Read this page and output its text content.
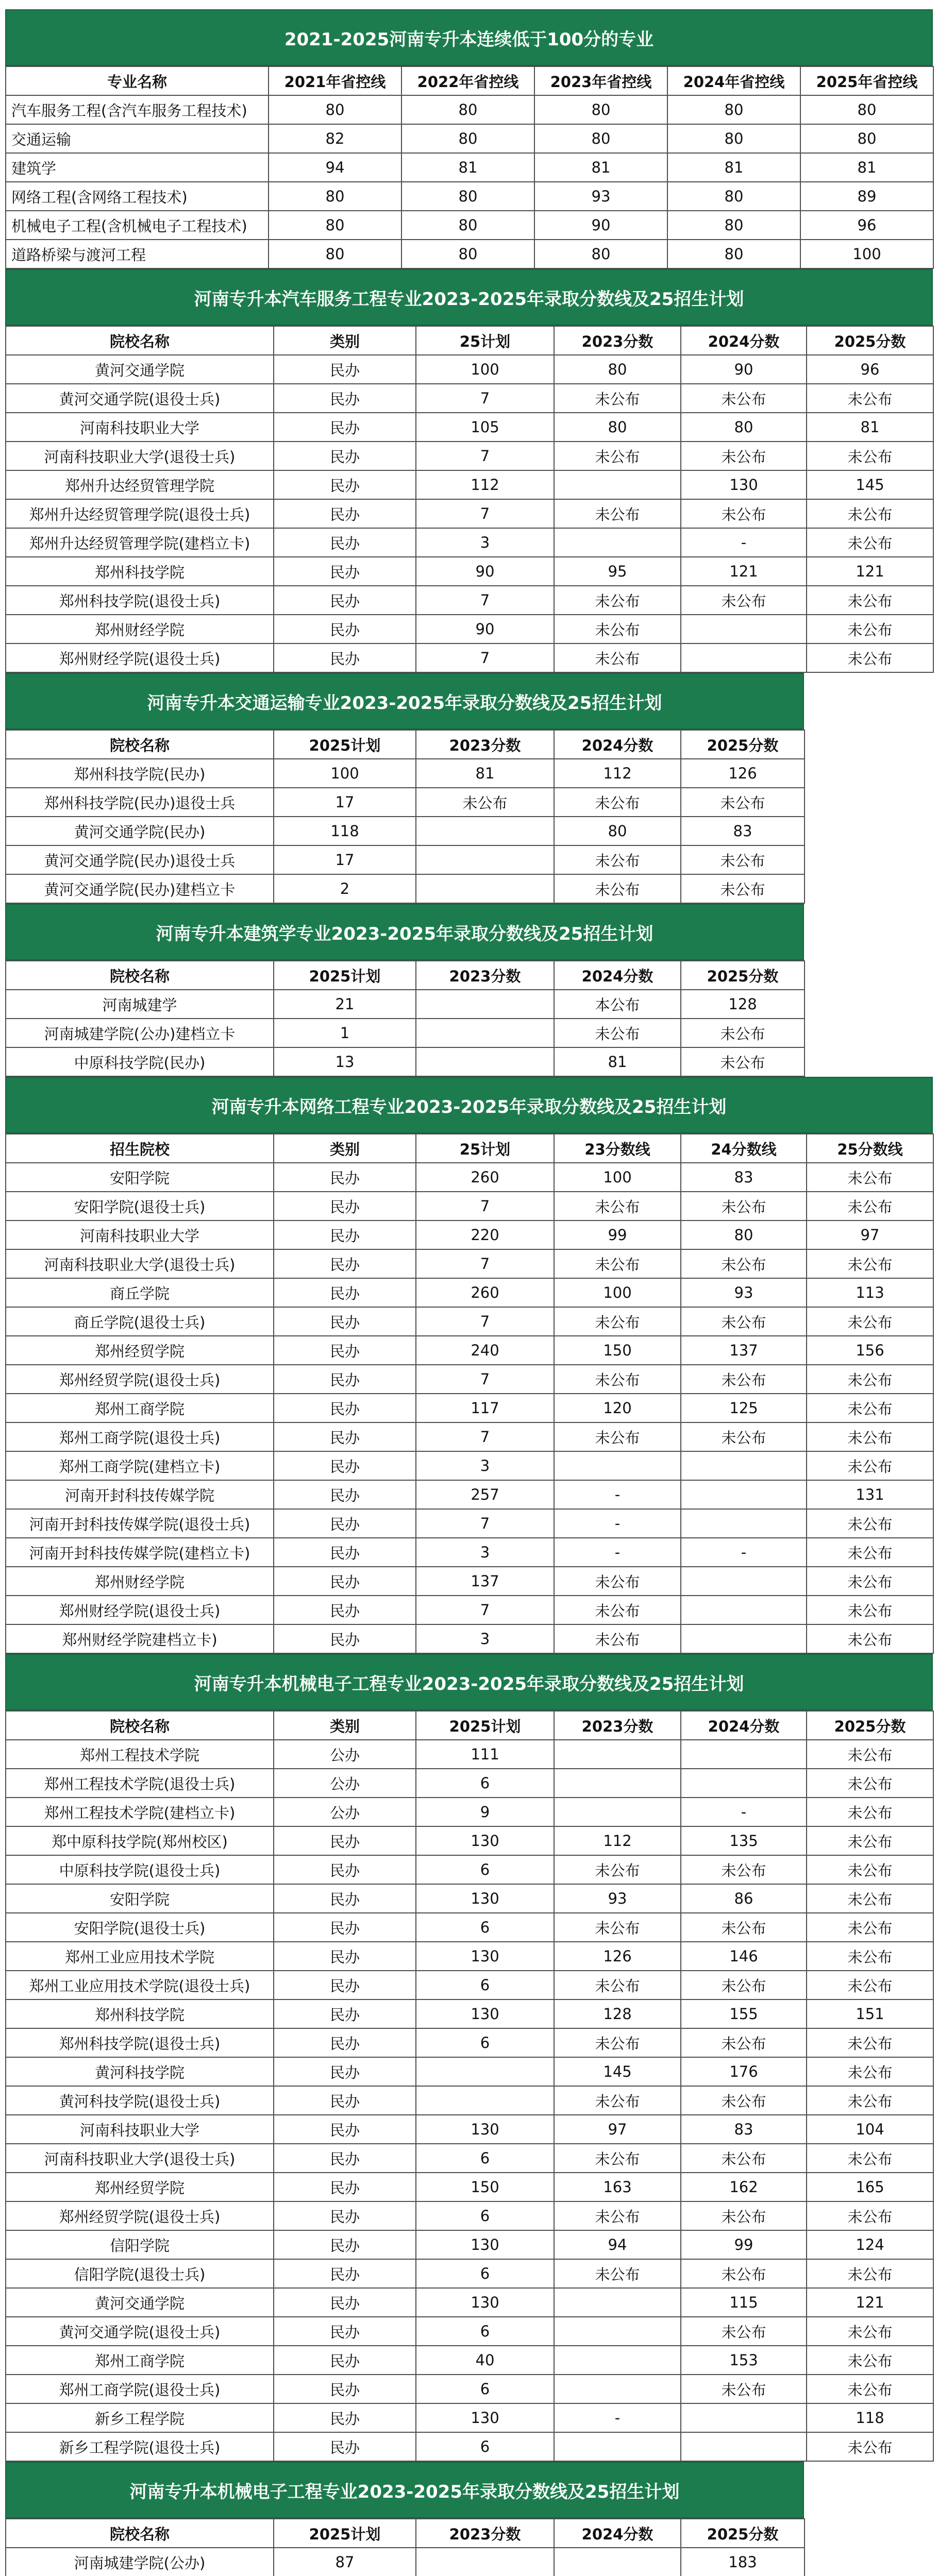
2021-2025河南专升本连续低于100分的专业
专业名称	2021年省控线	2022年省控线	2023年省控线	2024年省控线	2025年省控线
汽车服务工程(含汽车服务工程技术)	80	80	80	80	80
交通运输	82	80	80	80	80
建筑学	94	81	81	81	81
网络工程(含网络工程技术)	80	80	93	80	89
机械电子工程(含机械电子工程技术)	80	80	90	80	96
道路桥梁与渡河工程	80	80	80	80	100
河南专升本汽车服务工程专业2023-2025年录取分数线及25招生计划
院校名称	类别	25计划	2023分数	2024分数	2025分数
黄河交通学院	民办	100	80	90	96
黄河交通学院(退役士兵)	民办	7	未公布	未公布	未公布
河南科技职业大学	民办	105	80	80	81
河南科技职业大学(退役士兵)	民办	7	未公布	未公布	未公布
郑州升达经贸管理学院	民办	112		130	145
郑州升达经贸管理学院(退役士兵)	民办	7	未公布	未公布	未公布
郑州升达经贸管理学院(建档立卡)	民办	3		-	未公布
郑州科技学院	民办	90	95	121	121
郑州科技学院(退役士兵)	民办	7	未公布	未公布	未公布
郑州财经学院	民办	90	未公布		未公布
郑州财经学院(退役士兵)	民办	7	未公布		未公布
河南专升本交通运输专业2023-2025年录取分数线及25招生计划
院校名称	2025计划	2023分数	2024分数	2025分数
郑州科技学院(民办)	100	81	112	126
郑州科技学院(民办)退役士兵	17	未公布	未公布	未公布
黄河交通学院(民办)	118		80	83
黄河交通学院(民办)退役士兵	17		未公布	未公布
黄河交通学院(民办)建档立卡	2		未公布	未公布
河南专升本建筑学专业2023-2025年录取分数线及25招生计划
院校名称	2025计划	2023分数	2024分数	2025分数
河南城建学	21		本公布	128
河南城建学院(公办)建档立卡	1		未公布	未公布
中原科技学院(民办)	13		81	未公布
河南专升本网络工程专业2023-2025年录取分数线及25招生计划
招生院校	类别	25计划	23分数线	24分数线	25分数线
安阳学院	民办	260	100	83	未公布
安阳学院(退役士兵)	民办	7	未公布	未公布	未公布
河南科技职业大学	民办	220	99	80	97
河南科技职业大学(退役士兵)	民办	7	未公布	未公布	未公布
商丘学院	民办	260	100	93	113
商丘学院(退役士兵)	民办	7	未公布	未公布	未公布
郑州经贸学院	民办	240	150	137	156
郑州经贸学院(退役士兵)	民办	7	未公布	未公布	未公布
郑州工商学院	民办	117	120	125	未公布
郑州工商学院(退役士兵)	民办	7	未公布	未公布	未公布
郑州工商学院(建档立卡)	民办	3			未公布
河南开封科技传媒学院	民办	257	-		131
河南开封科技传媒学院(退役士兵)	民办	7	-		未公布
河南开封科技传媒学院(建档立卡)	民办	3	-	-	未公布
郑州财经学院	民办	137	未公布		未公布
郑州财经学院(退役士兵)	民办	7	未公布		未公布
郑州财经学院建档立卡)	民办	3	未公布		未公布
河南专升本机械电子工程专业2023-2025年录取分数线及25招生计划
院校名称	类别	2025计划	2023分数	2024分数	2025分数
郑州工程技术学院	公办	111			未公布
郑州工程技术学院(退役士兵)	公办	6			未公布
郑州工程技术学院(建档立卡)	公办	9		-	未公布
郑中原科技学院(郑州校区)	民办	130	112	135	未公布
中原科技学院(退役士兵)	民办	6	未公布	未公布	未公布
安阳学院	民办	130	93	86	未公布
安阳学院(退役士兵)	民办	6	未公布	未公布	未公布
郑州工业应用技术学院	民办	130	126	146	未公布
郑州工业应用技术学院(退役士兵)	民办	6	未公布	未公布	未公布
郑州科技学院	民办	130	128	155	151
郑州科技学院(退役士兵)	民办	6	未公布	未公布	未公布
黄河科技学院	民办		145	176	未公布
黄河科技学院(退役士兵)	民办		未公布	未公布	未公布
河南科技职业大学	民办	130	97	83	104
河南科技职业大学(退役士兵)	民办	6	未公布	未公布	未公布
郑州经贸学院	民办	150	163	162	165
郑州经贸学院(退役士兵)	民办	6	未公布	未公布	未公布
信阳学院	民办	130	94	99	124
信阳学院(退役士兵)	民办	6	未公布	未公布	未公布
黄河交通学院	民办	130		115	121
黄河交通学院(退役士兵)	民办	6		未公布	未公布
郑州工商学院	民办	40		153	未公布
郑州工商学院(退役士兵)	民办	6		未公布	未公布
新乡工程学院	民办	130	-		118
新乡工程学院(退役士兵)	民办	6			未公布
河南专升本机械电子工程专业2023-2025年录取分数线及25招生计划
院校名称	2025计划	2023分数	2024分数	2025分数
河南城建学院(公办)	87			183
